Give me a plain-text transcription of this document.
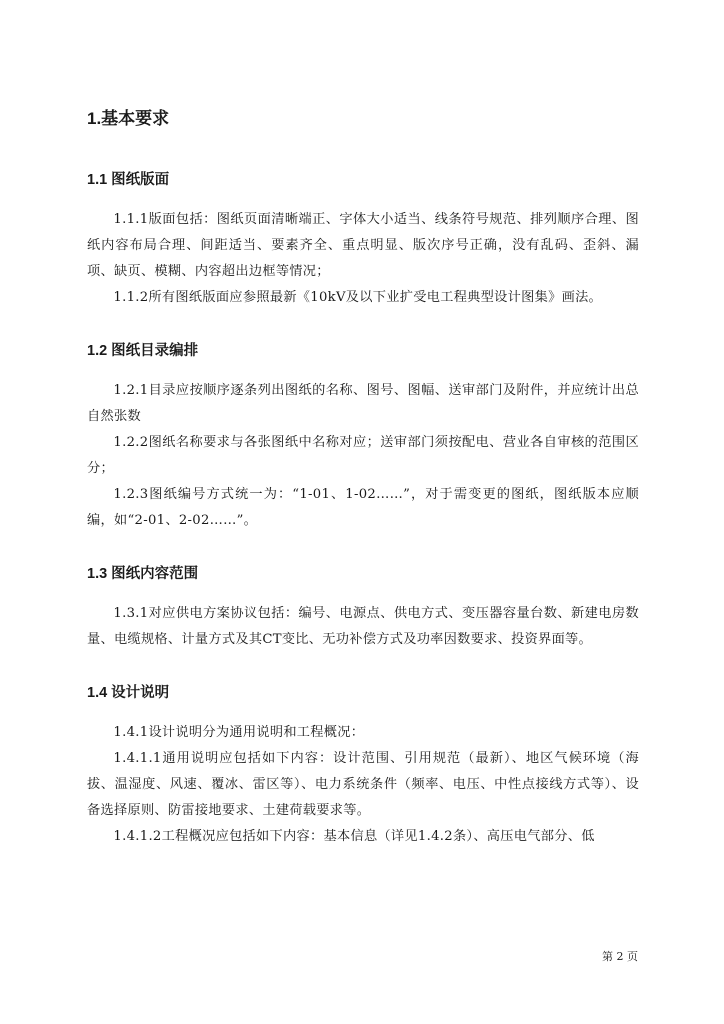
1.基本要求
1.1 图纸版面

1.1.1版面包括：图纸页面清晰端正、字体大小适当、线条符号规范、排列顺序合理、图纸内容布局合理、间距适当、要素齐全、重点明显、版次序号正确，没有乱码、歪斜、漏项、缺页、模糊、内容超出边框等情况；

1.1.2所有图纸版面应参照最新《10kV及以下业扩受电工程典型设计图集》画法。

1.2 图纸目录编排

1.2.1目录应按顺序逐条列出图纸的名称、图号、图幅、送审部门及附件，并应统计出总自然张数

1.2.2图纸名称要求与各张图纸中名称对应；送审部门须按配电、营业各自审核的范围区分；

1.2.3图纸编号方式统一为：“1-01、1-02……”，对于需变更的图纸，图纸版本应顺编，如“2-01、2-02……”。

1.3 图纸内容范围

1.3.1对应供电方案协议包括：编号、电源点、供电方式、变压器容量台数、新建电房数量、电缆规格、计量方式及其CT变比、无功补偿方式及功率因数要求、投资界面等。

1.4 设计说明

1.4.1设计说明分为通用说明和工程概况：

1.4.1.1通用说明应包括如下内容：设计范围、引用规范（最新）、地区气候环境（海拔、温湿度、风速、覆冰、雷区等）、电力系统条件（频率、电压、中性点接线方式等）、设备选择原则、防雷接地要求、土建荷载要求等。

1.4.1.2工程概况应包括如下内容：基本信息（详见1.4.2条）、高压电气部分、低

第 2 页
